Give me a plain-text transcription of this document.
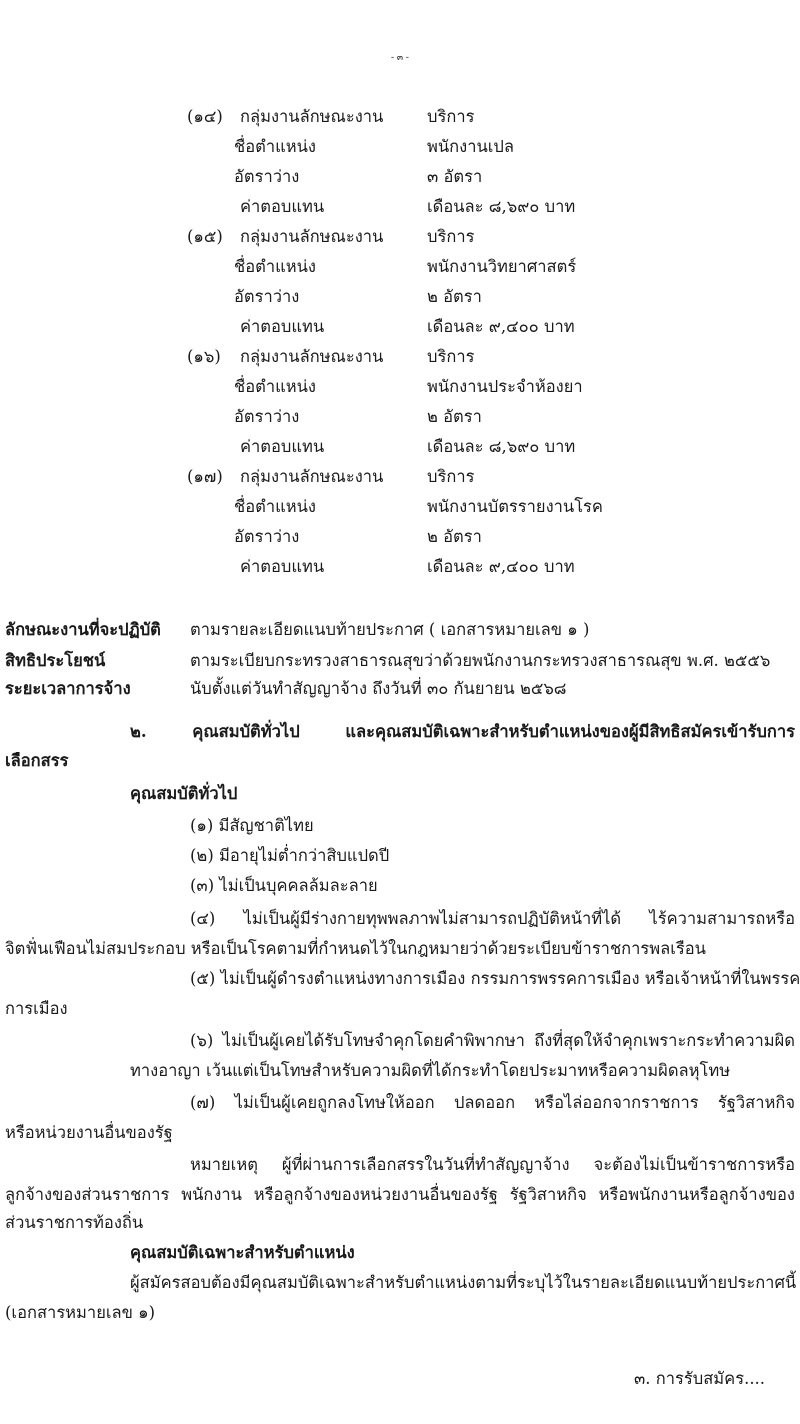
- ๓ -
(๑๔) กลุ่มงานลักษณะงาน	บริการ
ชื่อตำแหน่ง	พนักงานเปล
อัตราว่าง	๓ อัตรา
ค่าตอบแทน	เดือนละ ๘,๖๙๐ บาท
(๑๕) กลุ่มงานลักษณะงาน	บริการ
ชื่อตำแหน่ง	พนักงานวิทยาศาสตร์
อัตราว่าง	๒ อัตรา
ค่าตอบแทน	เดือนละ ๙,๔๐๐ บาท
(๑๖) กลุ่มงานลักษณะงาน	บริการ
ชื่อตำแหน่ง	พนักงานประจำห้องยา
อัตราว่าง	๒ อัตรา
ค่าตอบแทน	เดือนละ ๘,๖๙๐ บาท
(๑๗) กลุ่มงานลักษณะงาน	บริการ
ชื่อตำแหน่ง	พนักงานบัตรรายงานโรค
อัตราว่าง	๒ อัตรา
ค่าตอบแทน	เดือนละ ๙,๔๐๐ บาท
ลักษณะงานที่จะปฏิบัติ ตามรายละเอียดแนบท้ายประกาศ ( เอกสารหมายเลข ๑ )
สิทธิประโยชน์	ตามระเบียบกระทรวงสาธารณสุขว่าด้วยพนักงานกระทรวงสาธารณสุข พ.ศ. ๒๕๕๖
ระยะเวลาการจ้าง	นับตั้งแต่วันทำสัญญาจ้าง ถึงวันที่ ๓๐ กันยายน ๒๕๖๘
๒. คุณสมบัติทั่วไป และคุณสมบัติเฉพาะสำหรับตำแหน่งของผู้มีสิทธิสมัครเข้ารับการ
เลือกสรร
คุณสมบัติทั่วไป
(๑) มีสัญชาติไทย
(๒) มีอายุไม่ต่ำกว่าสิบแปดปี
(๓) ไม่เป็นบุคคลล้มละลาย
(๔) ไม่เป็นผู้มีร่างกายทุพพลภาพไม่สามารถปฏิบัติหน้าที่ได้ ไร้ความสามารถหรือ
จิตฟั่นเฟือนไม่สมประกอบ หรือเป็นโรคตามที่กำหนดไว้ในกฎหมายว่าด้วยระเบียบข้าราชการพลเรือน
(๕) ไม่เป็นผู้ดำรงตำแหน่งทางการเมือง กรรมการพรรคการเมือง หรือเจ้าหน้าที่ในพรรค
การเมือง
(๖) ไม่เป็นผู้เคยได้รับโทษจำคุกโดยคำพิพากษา ถึงที่สุดให้จำคุกเพราะกระทำความผิด
ทางอาญา เว้นแต่เป็นโทษสำหรับความผิดที่ได้กระทำโดยประมาทหรือความผิดลหุโทษ
(๗) ไม่เป็นผู้เคยถูกลงโทษให้ออก ปลดออก หรือไล่ออกจากราชการ รัฐวิสาหกิจ
หรือหน่วยงานอื่นของรัฐ
หมายเหตุ ผู้ที่ผ่านการเลือกสรรในวันที่ทำสัญญาจ้าง จะต้องไม่เป็นข้าราชการหรือ
ลูกจ้างของส่วนราชการ พนักงาน หรือลูกจ้างของหน่วยงานอื่นของรัฐ รัฐวิสาหกิจ หรือพนักงานหรือลูกจ้างของ
ส่วนราชการท้องถิ่น
คุณสมบัติเฉพาะสำหรับตำแหน่ง
ผู้สมัครสอบต้องมีคุณสมบัติเฉพาะสำหรับตำแหน่งตามที่ระบุไว้ในรายละเอียดแนบท้ายประกาศนี้
(เอกสารหมายเลข ๑)
๓. การรับสมัคร....
